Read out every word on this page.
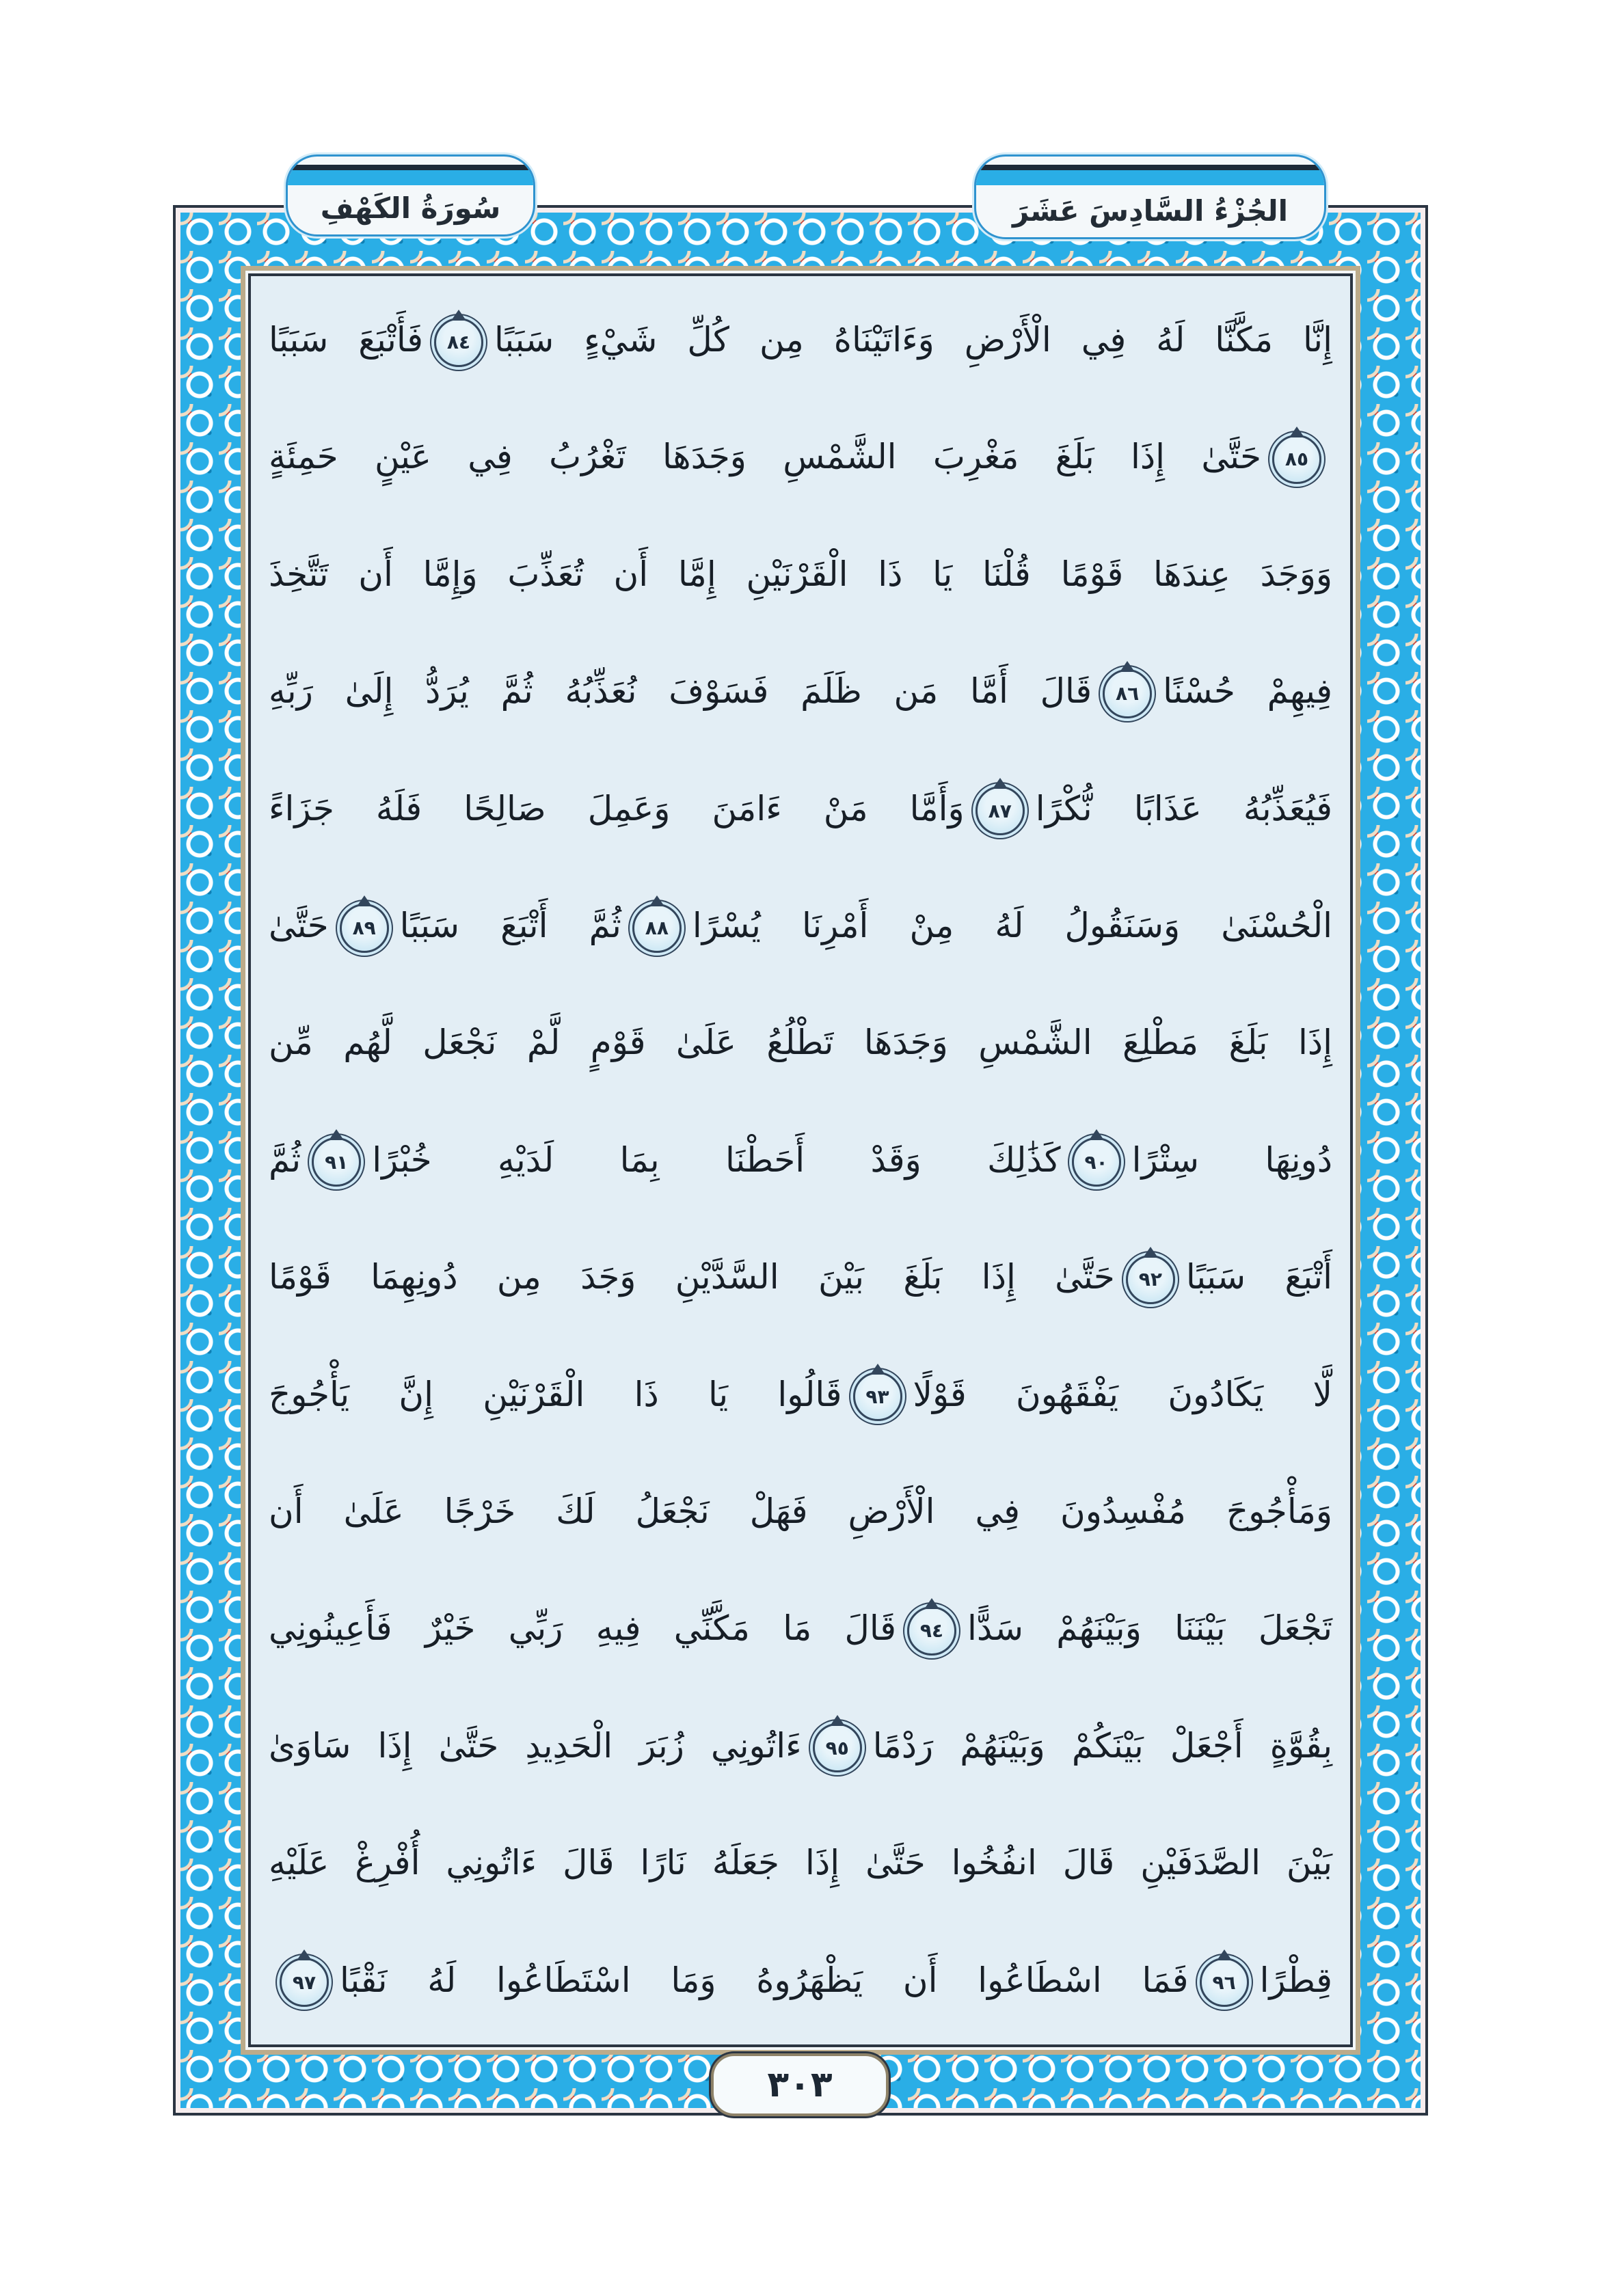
إِنَّا مَكَّنَّا لَهُ فِي الْأَرْضِ وَءَاتَيْنَاهُ مِن كُلِّ شَيْءٍ سَبَبًا٨٤فَأَتْبَعَ سَبَبًا
٨٥حَتَّىٰ إِذَا بَلَغَ مَغْرِبَ الشَّمْسِ وَجَدَهَا تَغْرُبُ فِي عَيْنٍ حَمِئَةٍ
وَوَجَدَ عِندَهَا قَوْمًا قُلْنَا يَا ذَا الْقَرْنَيْنِ إِمَّا أَن تُعَذِّبَ وَإِمَّا أَن تَتَّخِذَ
فِيهِمْ حُسْنًا٨٦قَالَ أَمَّا مَن ظَلَمَ فَسَوْفَ نُعَذِّبُهُ ثُمَّ يُرَدُّ إِلَىٰ رَبِّهِ
فَيُعَذِّبُهُ عَذَابًا نُّكْرًا٨٧وَأَمَّا مَنْ ءَامَنَ وَعَمِلَ صَالِحًا فَلَهُ جَزَاءً
الْحُسْنَىٰ وَسَنَقُولُ لَهُ مِنْ أَمْرِنَا يُسْرًا٨٨ثُمَّ أَتْبَعَ سَبَبًا٨٩حَتَّىٰ
إِذَا بَلَغَ مَطْلِعَ الشَّمْسِ وَجَدَهَا تَطْلُعُ عَلَىٰ قَوْمٍ لَّمْ نَجْعَل لَّهُم مِّن
دُونِهَا سِتْرًا٩٠كَذَٰلِكَ وَقَدْ أَحَطْنَا بِمَا لَدَيْهِ خُبْرًا٩١ثُمَّ
أَتْبَعَ سَبَبًا٩٢حَتَّىٰ إِذَا بَلَغَ بَيْنَ السَّدَّيْنِ وَجَدَ مِن دُونِهِمَا قَوْمًا
لَّا يَكَادُونَ يَفْقَهُونَ قَوْلًا٩٣قَالُوا يَا ذَا الْقَرْنَيْنِ إِنَّ يَأْجُوجَ
وَمَأْجُوجَ مُفْسِدُونَ فِي الْأَرْضِ فَهَلْ نَجْعَلُ لَكَ خَرْجًا عَلَىٰ أَن
تَجْعَلَ بَيْنَنَا وَبَيْنَهُمْ سَدًّا٩٤قَالَ مَا مَكَّنِّي فِيهِ رَبِّي خَيْرٌ فَأَعِينُونِي
بِقُوَّةٍ أَجْعَلْ بَيْنَكُمْ وَبَيْنَهُمْ رَدْمًا٩٥ءَاتُونِي زُبَرَ الْحَدِيدِ حَتَّىٰ إِذَا سَاوَىٰ
بَيْنَ الصَّدَفَيْنِ قَالَ انفُخُوا حَتَّىٰ إِذَا جَعَلَهُ نَارًا قَالَ ءَاتُونِي أُفْرِغْ عَلَيْهِ
قِطْرًا٩٦فَمَا اسْطَاعُوا أَن يَظْهَرُوهُ وَمَا اسْتَطَاعُوا لَهُ نَقْبًا٩٧
سُورَةُ الكَهْفِ	الجُزْءُ السَّادِسَ عَشَرَ
٣٠٣
